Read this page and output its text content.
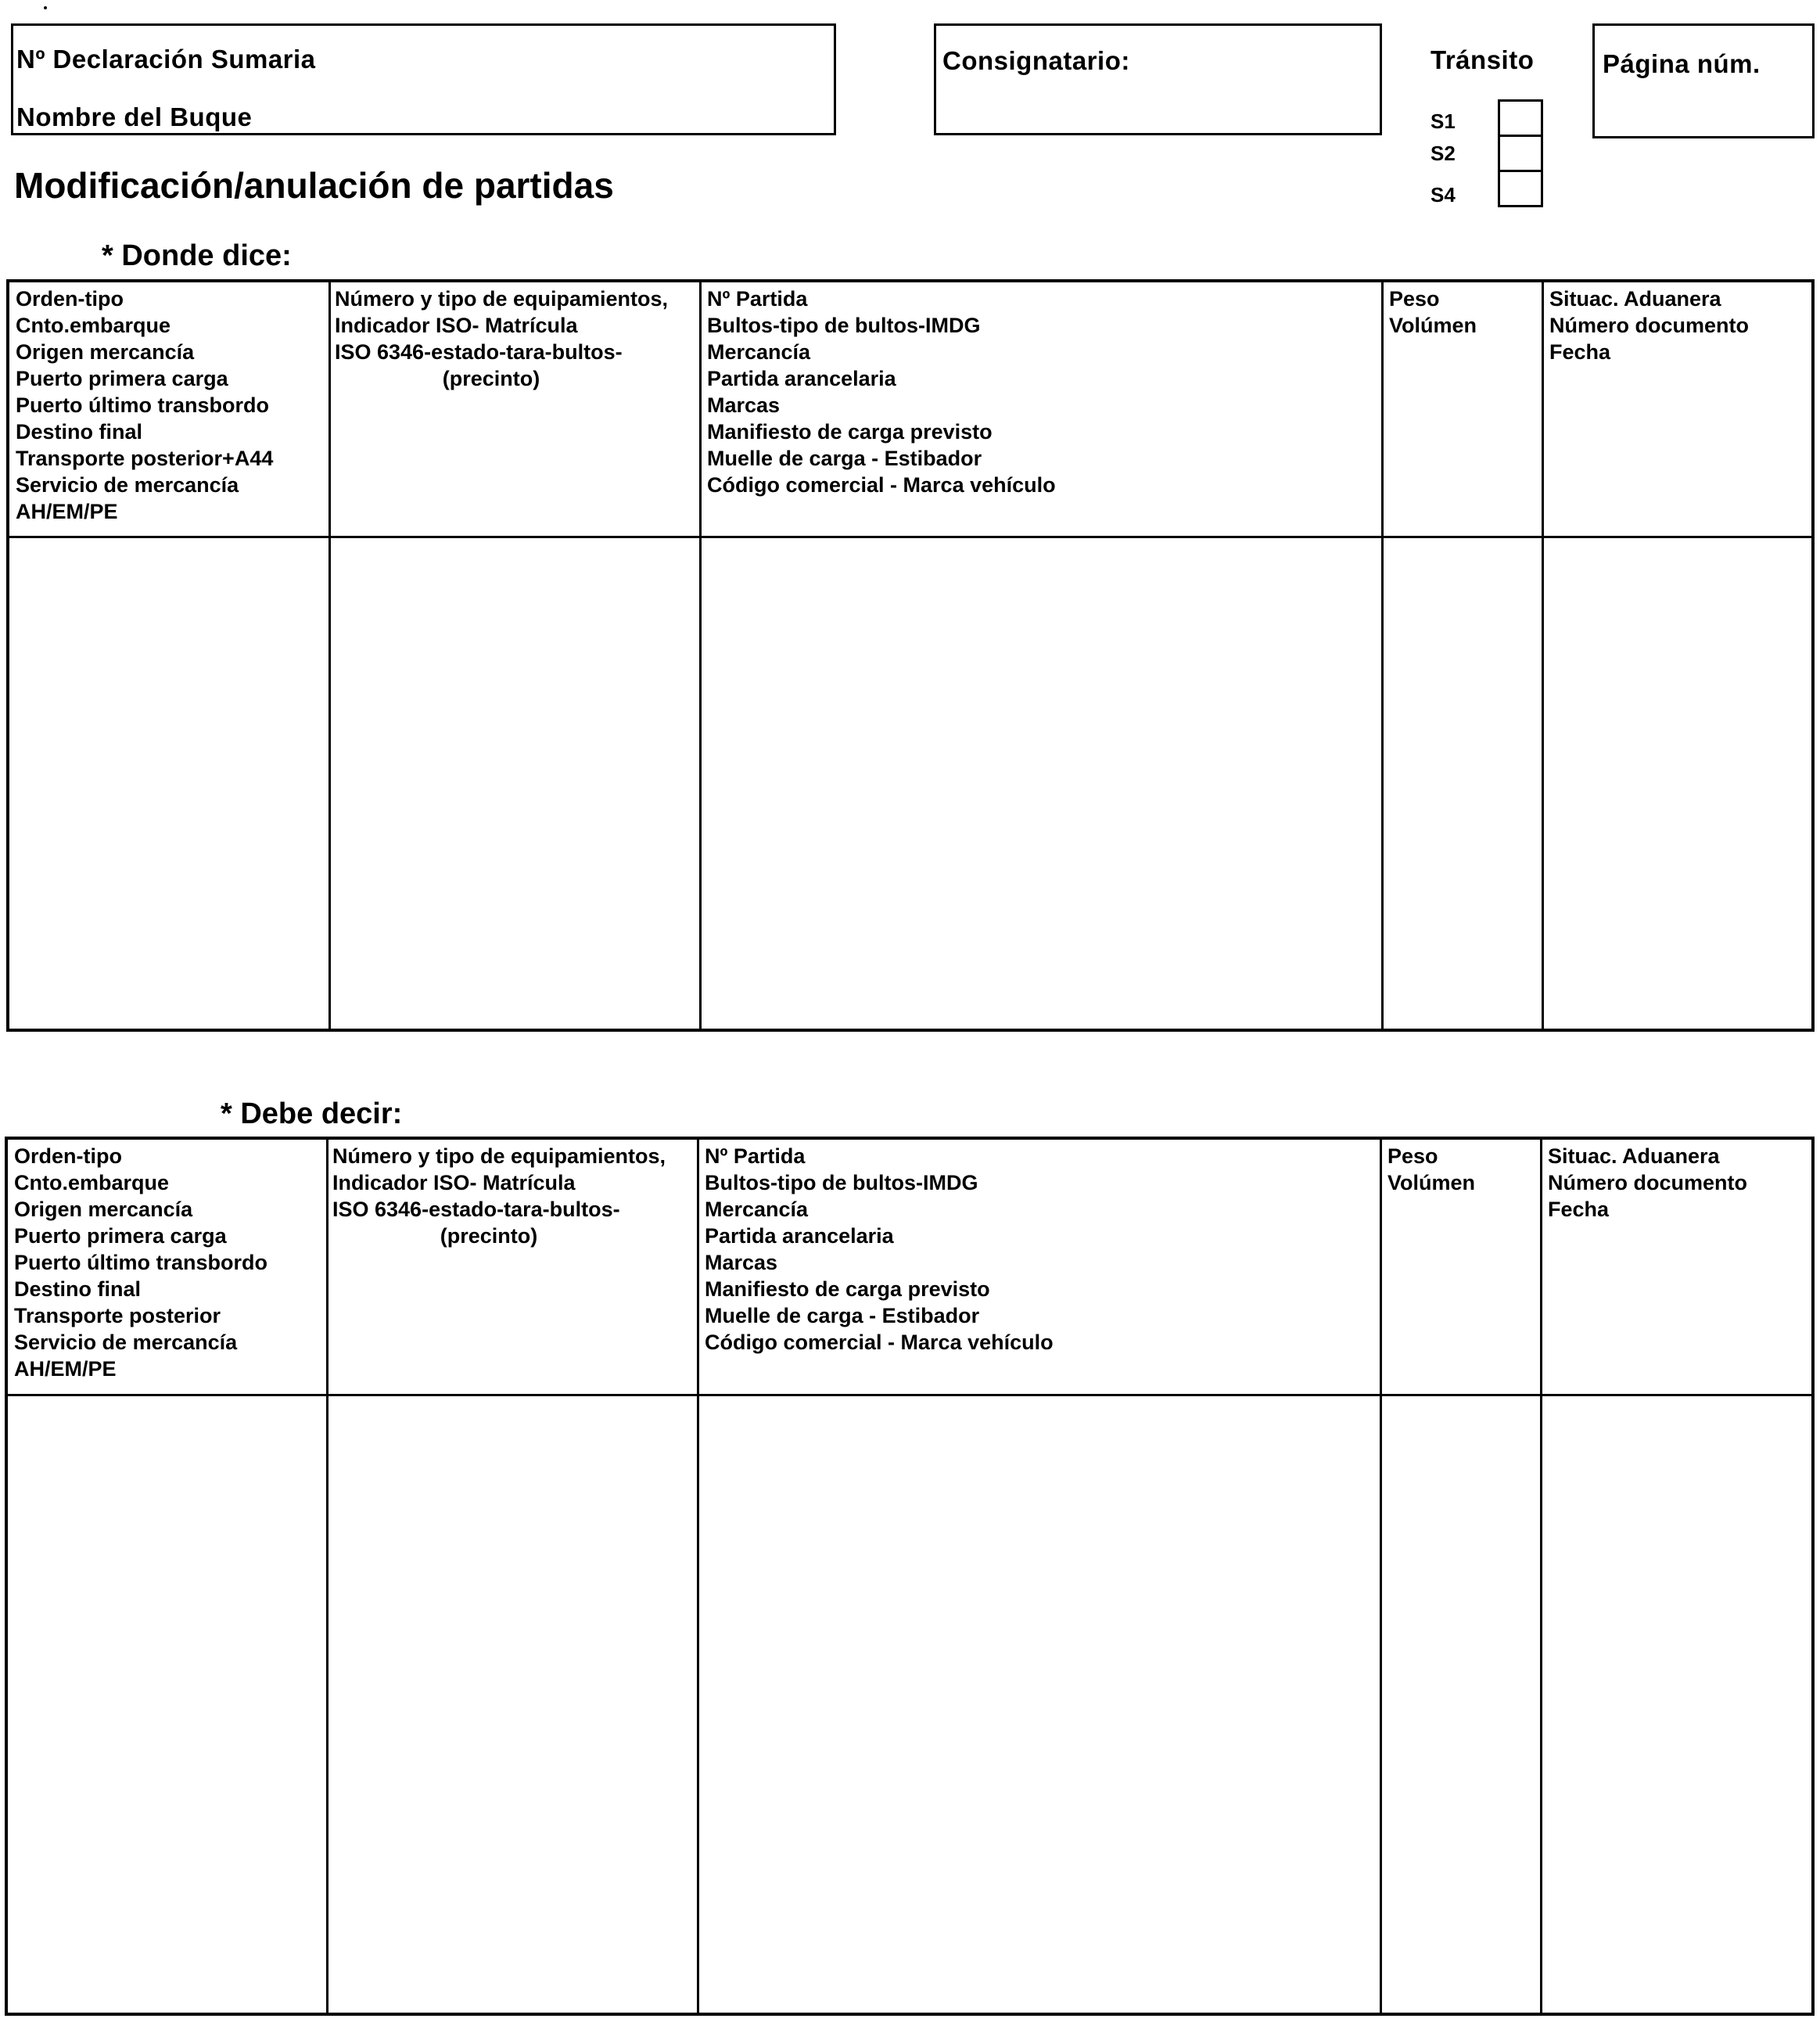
Nº Declaración Sumaria
Nombre del Buque
Consignatario:	Tránsito
S1
S2
S4
Página núm.
Modificación/anulación de partidas
* Donde dice:
Orden-tipo
Cnto.embarque
Origen mercancía
Puerto primera carga
Puerto último transbordo
Destino final
Transporte posterior+A44
Servicio de mercancía
AH/EM/PE
Número y tipo de equipamientos,
Indicador ISO- Matrícula
ISO 6346-estado-tara-bultos-
(precinto)
Nº Partida
Bultos-tipo de bultos-IMDG
Mercancía
Partida arancelaria
Marcas
Manifiesto de carga previsto
Muelle de carga - Estibador
Código comercial - Marca vehículo
Peso
Volúmen
Situac. Aduanera
Número documento
Fecha
* Debe decir:
Orden-tipo
Cnto.embarque
Origen mercancía
Puerto primera carga
Puerto último transbordo
Destino final
Transporte posterior
Servicio de mercancía
AH/EM/PE
Número y tipo de equipamientos,
Indicador ISO- Matrícula
ISO 6346-estado-tara-bultos-
(precinto)
Nº Partida
Bultos-tipo de bultos-IMDG
Mercancía
Partida arancelaria
Marcas
Manifiesto de carga previsto
Muelle de carga - Estibador
Código comercial - Marca vehículo
Peso
Volúmen
Situac. Aduanera
Número documento
Fecha
